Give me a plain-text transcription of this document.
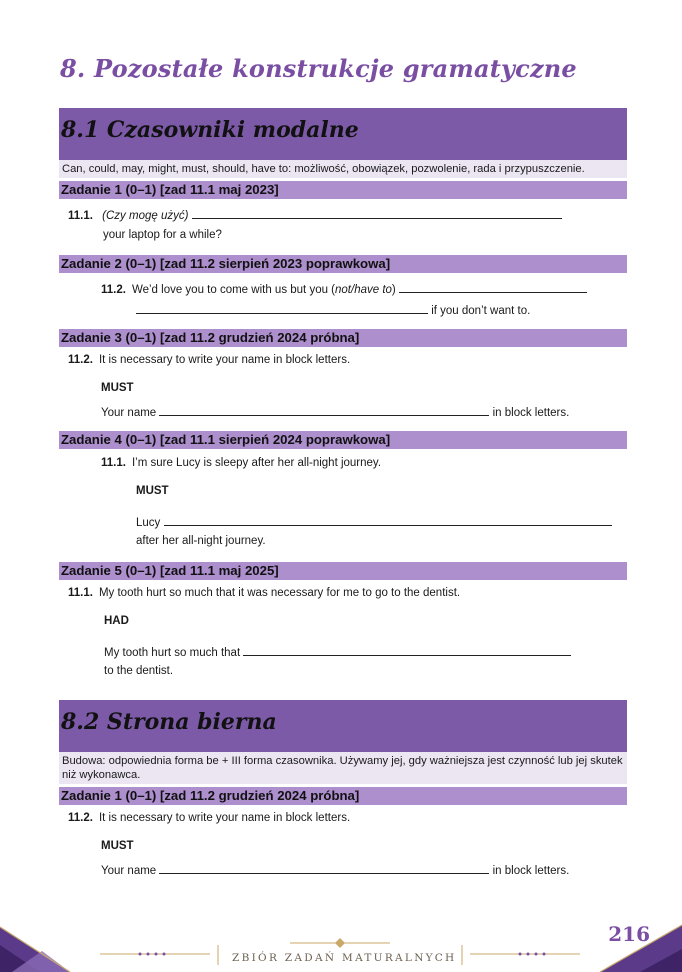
8. Pozostałe konstrukcje gramatyczne
8.1 Czasowniki modalne
Can, could, may, might, must, should, have to: możliwość, obowiązek, pozwolenie, rada i przypuszczenie.
Zadanie 1 (0–1) [zad 11.1 maj 2023]
11.1. (Czy mogę użyć)
your laptop for a while?
Zadanie 2 (0–1) [zad 11.2 sierpień 2023 poprawkowa]
11.2. We’d love you to come with us but you (not/have to)
if you don’t want to.
Zadanie 3 (0–1) [zad 11.2 grudzień 2024 próbna]
11.2. It is necessary to write your name in block letters.
MUST
Your name	in block letters.
Zadanie 4 (0–1) [zad 11.1 sierpień 2024 poprawkowa]
11.1. I’m sure Lucy is sleepy after her all-night journey.
MUST
Lucy
after her all-night journey.
Zadanie 5 (0–1) [zad 11.1 maj 2025]
11.1. My tooth hurt so much that it was necessary for me to go to the dentist.
HAD
My tooth hurt so much that
to the dentist.
8.2 Strona bierna
Budowa: odpowiednia forma be + III forma czasownika. Używamy jej, gdy ważniejsza jest czynność lub jej skutek niż wykonawca.
Zadanie 1 (0–1) [zad 11.2 grudzień 2024 próbna]
11.2. It is necessary to write your name in block letters.
MUST
Your name	in block letters.
216
ZBIÓR ZADAŃ MATURALNYCH
